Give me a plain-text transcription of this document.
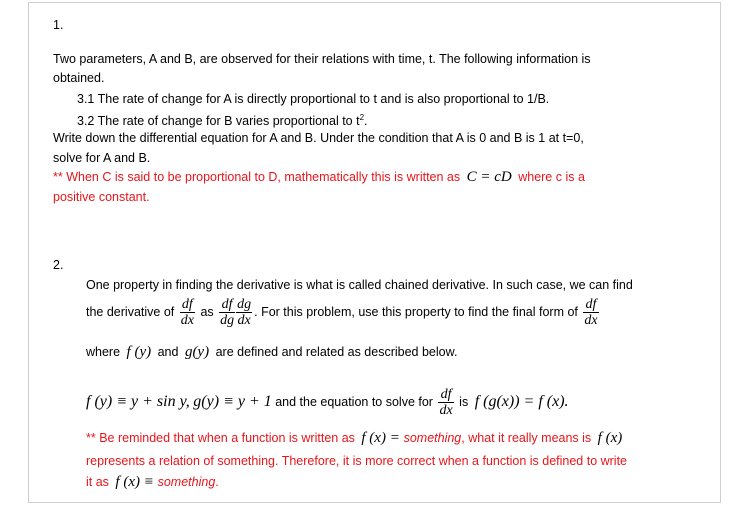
1.
Two parameters, A and B, are observed for their relations with time, t. The following information is
obtained.
3.1 The rate of change for A is directly proportional to t and is also proportional to 1/B.
3.2 The rate of change for B varies proportional to $t^2$.
Write down the differential equation for A and B. Under the condition that A is 0 and B is 1 at t=0,
solve for A and B.
** When C is said to be proportional to D, mathematically this is written as C = cD where c is a
positive constant.
2.
One property in finding the derivative is what is called chained derivative. In such case, we can find
the derivative of $\frac{df}{dx}$ as $\frac{df}{dg} \frac{dg}{dx}$ . For this problem, use this property to find the final form of $\frac{df}{dx}$
where f (y) and g(y) are defined and related as described below.
f (y) ≡ y + sin y, g(y) ≡ y + 1 and the equation to solve for $\frac{df}{dx}$ is f (g(x)) = f (x).
** Be reminded that when a function is written as f (x) = something, what it really means is f (x)
represents a relation of something. Therefore, it is more correct when a function is defined to write
it as f (x) ≡ something.
